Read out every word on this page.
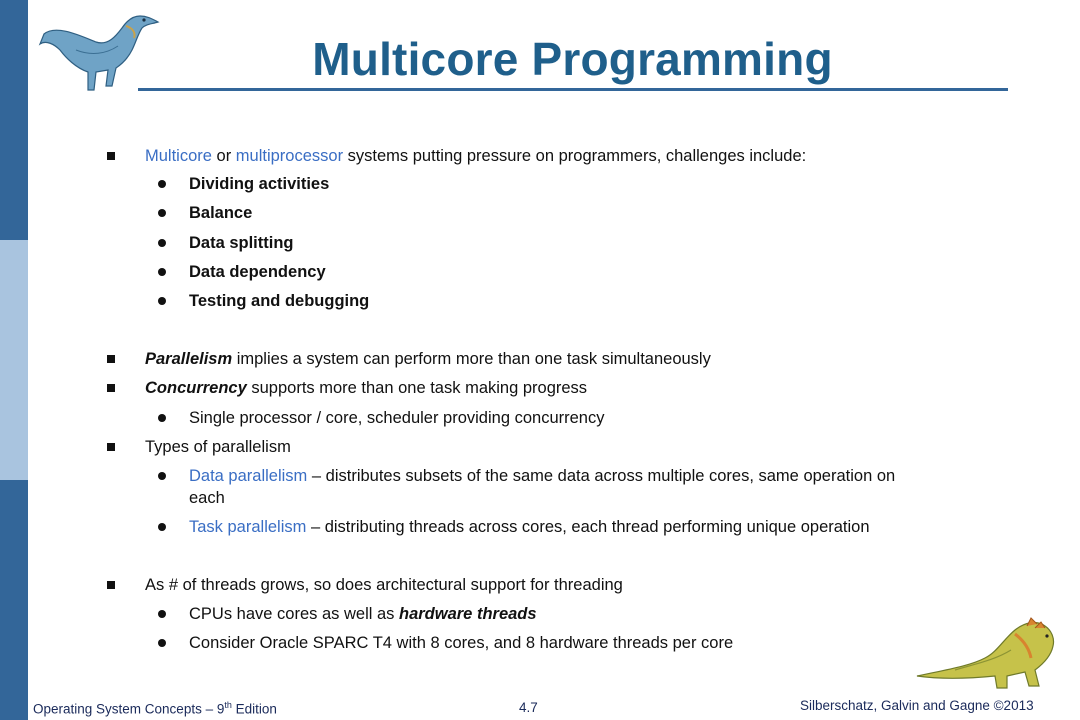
Multicore Programming
Multicore or multiprocessor systems putting pressure on programmers, challenges include:
Dividing activities
Balance
Data splitting
Data dependency
Testing and debugging
Parallelism implies a system can perform more than one task simultaneously
Concurrency supports more than one task making progress
Single processor / core, scheduler providing concurrency
Types of parallelism
Data parallelism – distributes subsets of the same data across multiple cores, same operation on
each
Task parallelism – distributing threads across cores, each thread performing unique operation
As # of threads grows, so does architectural support for threading
CPUs have cores as well as hardware threads
Consider Oracle SPARC T4 with 8 cores, and 8 hardware threads per core
Operating System Concepts – 9th Edition	4.7	Silberschatz, Galvin and Gagne ©2013
